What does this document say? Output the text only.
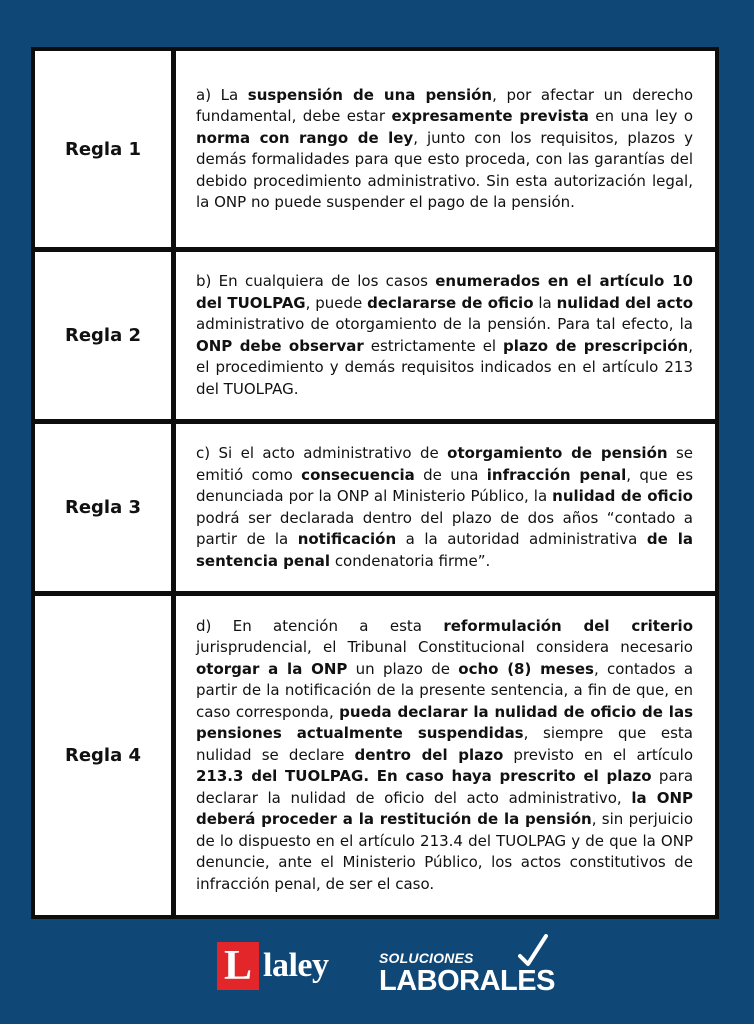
Regla 1

a) La suspensión de una pensión, por afectar un derecho fundamental, debe estar expresamente prevista en una ley o norma con rango de ley, junto con los requisitos, plazos y demás formalidades para que esto proceda, con las garantías del debido procedimiento administrativo. Sin esta autorización legal, la ONP no puede suspender el pago de la pensión.

Regla 2

b) En cualquiera de los casos enumerados en el artículo 10 del TUOLPAG, puede declararse de oficio la nulidad del acto administrativo de otorgamiento de la pensión. Para tal efecto, la ONP debe observar estrictamente el plazo de prescripción, el procedimiento y demás requisitos indicados en el artículo 213 del TUOLPAG.

Regla 3

c) Si el acto administrativo de otorgamiento de pensión se emitió como consecuencia de una infracción penal, que es denunciada por la ONP al Ministerio Público, la nulidad de oficio podrá ser declarada dentro del plazo de dos años “contado a partir de la notificación a la autoridad administrativa de la sentencia penal condenatoria firme”.

Regla 4

d) En atención a esta reformulación del criterio jurisprudencial, el Tribunal Constitucional considera necesario otorgar a la ONP un plazo de ocho (8) meses, contados a partir de la notificación de la presente sentencia, a fin de que, en caso corresponda, pueda declarar la nulidad de oficio de las pensiones actualmente suspendidas, siempre que esta nulidad se declare dentro del plazo previsto en el artículo 213.3 del TUOLPAG. En caso haya prescrito el plazo para declarar la nulidad de oficio del acto administrativo, la ONP deberá proceder a la restitución de la pensión, sin perjuicio de lo dispuesto en el artículo 213.4 del TUOLPAG y de que la ONP denuncie, ante el Ministerio Público, los actos constitutivos de infracción penal, de ser el caso.

L laley	SOLUCIONES
LABORALES
